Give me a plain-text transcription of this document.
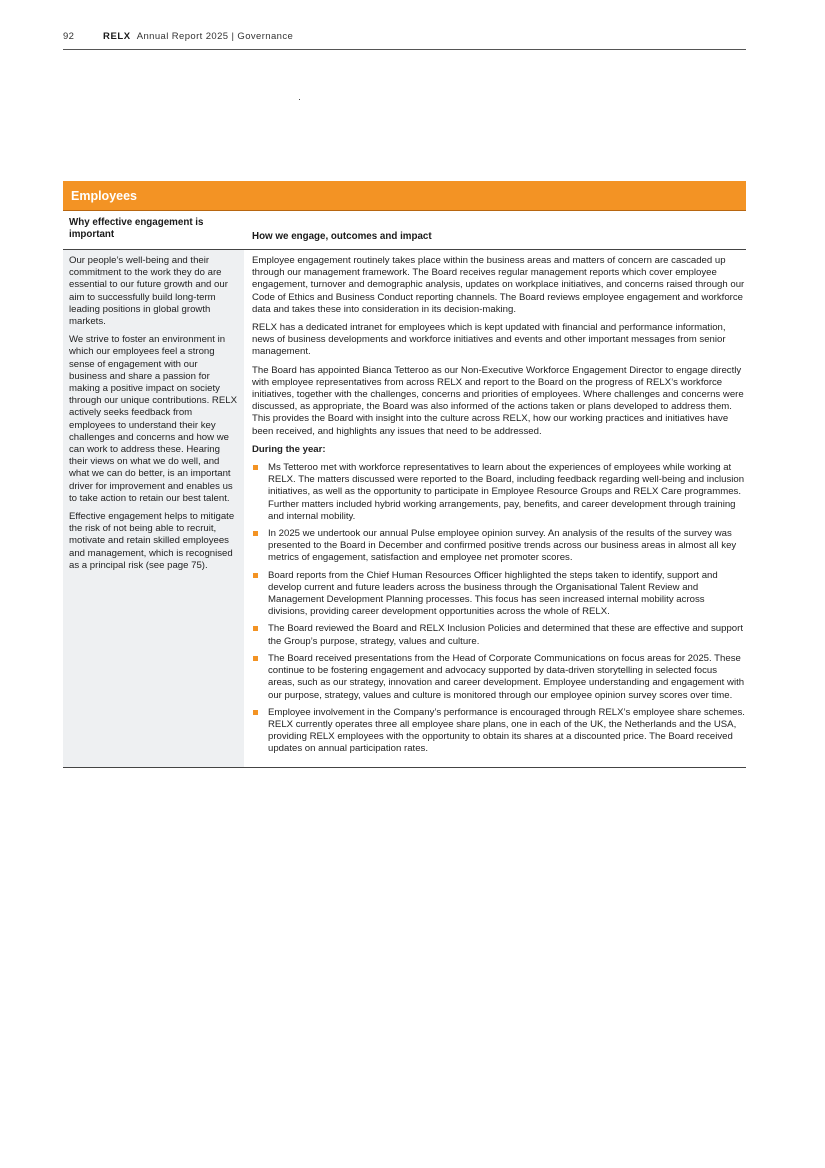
92	RELX Annual Report 2025 | Governance
Employees
Why effective engagement is important	How we engage, outcomes and impact

Our people’s well-being and their commitment to the work they do are essential to our future growth and our aim to successfully build long-term leading positions in global growth markets.

We strive to foster an environment in which our employees feel a strong sense of engagement with our business and share a passion for making a positive impact on society through our unique contributions. RELX actively seeks feedback from employees to understand their key challenges and concerns and how we can work to address these. Hearing their views on what we do well, and what we can do better, is an important driver for improvement and enables us to take action to retain our best talent.

Effective engagement helps to mitigate the risk of not being able to recruit, motivate and retain skilled employees and management, which is recognised as a principal risk (see page 75).

Employee engagement routinely takes place within the business areas and matters of concern are cascaded up through our management framework. The Board receives regular management reports which cover employee engagement, turnover and demographic analysis, updates on workplace initiatives, and concerns raised through our Code of Ethics and Business Conduct reporting channels. The Board reviews employee engagement and workforce data and takes these into consideration in its decision-making.

RELX has a dedicated intranet for employees which is kept updated with financial and performance information, news of business developments and workforce initiatives and events and other important messages from senior management.

The Board has appointed Bianca Tetteroo as our Non-Executive Workforce Engagement Director to engage directly with employee representatives from across RELX and report to the Board on the progress of RELX’s workforce initiatives, together with the challenges, concerns and priorities of employees. Where challenges and concerns were discussed, as appropriate, the Board was also informed of the actions taken or plans developed to address them. This provides the Board with insight into the culture across RELX, how our working practices and initiatives have been received, and highlights any issues that need to be addressed.

During the year:

Ms Tetteroo met with workforce representatives to learn about the experiences of employees while working at RELX. The matters discussed were reported to the Board, including feedback regarding well-being and inclusion initiatives, as well as the opportunity to participate in Employee Resource Groups and RELX Care programmes. Further matters included hybrid working arrangements, pay, benefits, and career development through training and internal mobility.
In 2025 we undertook our annual Pulse employee opinion survey. An analysis of the results of the survey was presented to the Board in December and confirmed positive trends across our business areas in almost all key metrics of engagement, satisfaction and employee net promoter scores.
Board reports from the Chief Human Resources Officer highlighted the steps taken to identify, support and develop current and future leaders across the business through the Organisational Talent Review and Management Development Planning processes. This focus has seen increased internal mobility across divisions, providing career development opportunities across the whole of RELX.
The Board reviewed the Board and RELX Inclusion Policies and determined that these are effective and support the Group’s purpose, strategy, values and culture.
The Board received presentations from the Head of Corporate Communications on focus areas for 2025. These continue to be fostering engagement and advocacy supported by data-driven storytelling in selected focus areas, such as our strategy, innovation and career development. Employee understanding and engagement with our purpose, strategy, values and culture is monitored through our employee opinion survey scores over time.
Employee involvement in the Company’s performance is encouraged through RELX’s employee share schemes. RELX currently operates three all employee share plans, one in each of the UK, the Netherlands and the USA, providing RELX employees with the opportunity to obtain its shares at a discounted price. The Board received updates on annual participation rates.
